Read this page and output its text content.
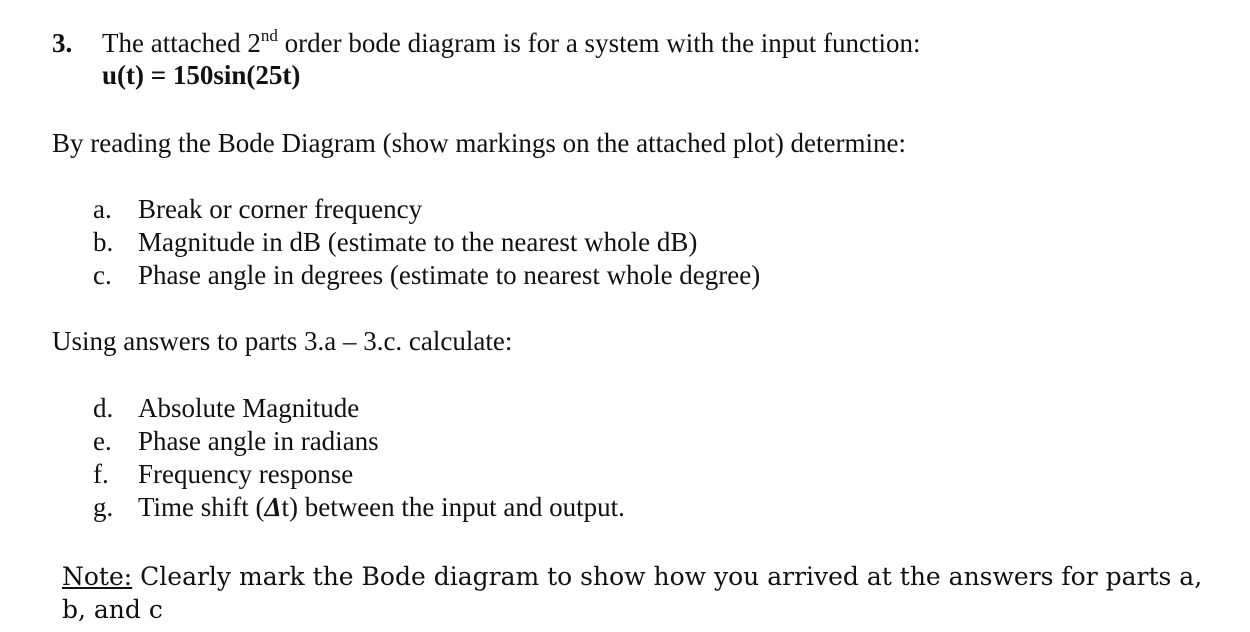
3. The attached 2nd order bode diagram is for a system with the input function:
u(t) = 150sin(25t)
By reading the Bode Diagram (show markings on the attached plot) determine:
a. Break or corner frequency
b. Magnitude in dB (estimate to the nearest whole dB)
c. Phase angle in degrees (estimate to nearest whole degree)
Using answers to parts 3.a – 3.c. calculate:
d. Absolute Magnitude
e. Phase angle in radians
f. Frequency response
g. Time shift (Δt) between the input and output.
Note: Clearly mark the Bode diagram to show how you arrived at the answers for parts a, b, and c
